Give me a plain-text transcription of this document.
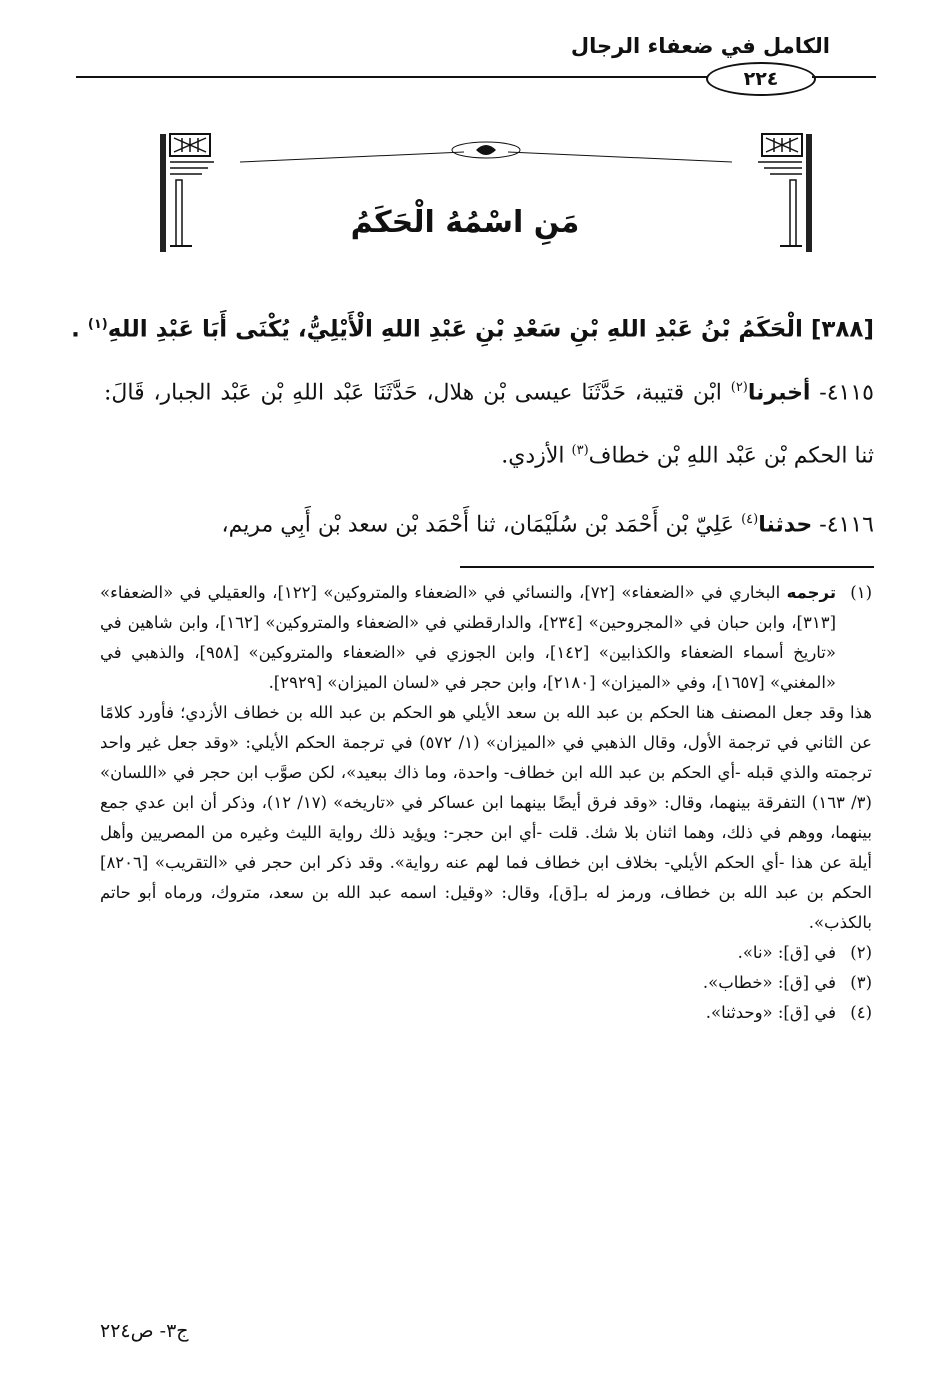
الكامل في ضعفاء الرجال
٢٢٤
مَنِ اسْمُهُ الْحَكَمُ
[٣٨٨] الْحَكَمُ بْنُ عَبْدِ اللهِ بْنِ سَعْدِ بْنِ عَبْدِ اللهِ الْأَيْلِيُّ، يُكْنَى أَبَا عَبْدِ اللهِ$^{(١)}$ .
٤١١٥- أخبرنا$^{(٢)}$ ابْن قتيبة، حَدَّثَنَا عيسى بْن هلال، حَدَّثَنَا عَبْد اللهِ بْن عَبْد الجبار، قَالَ: ثنا الحكم بْن عَبْد اللهِ بْن خطاف$^{(٣)}$ الأزدي.
٤١١٦- حدثنا$^{(٤)}$ عَلِيّ بْن أَحْمَد بْن سُلَيْمَان، ثنا أَحْمَد بْن سعد بْن أَبِي مريم،
(١)
ترجمه البخاري في «الضعفاء» [٧٢]، والنسائي في «الضعفاء والمتروكين» [١٢٢]، والعقيلي في «الضعفاء» [٣١٣]، وابن حبان في «المجروحين» [٢٣٤]، والدارقطني في «الضعفاء والمتروكين» [١٦٢]، وابن شاهين في «تاريخ أسماء الضعفاء والكذابين» [١٤٢]، وابن الجوزي في «الضعفاء والمتروكين» [٩٥٨]، والذهبي في «المغني» [١٦٥٧]، وفي «الميزان» [٢١٨٠]، وابن حجر في «لسان الميزان» [٢٩٢٩].
هذا وقد جعل المصنف هنا الحكم بن عبد الله بن سعد الأيلي هو الحكم بن عبد الله بن خطاف الأزدي؛ فأورد كلامًا عن الثاني في ترجمة الأول، وقال الذهبي في «الميزان» (١/ ٥٧٢) في ترجمة الحكم الأيلي: «وقد جعل غير واحد ترجمته والذي قبله -أي الحكم بن عبد الله ابن خطاف- واحدة، وما ذاك ببعيد»، لكن صوَّب ابن حجر في «اللسان» (٣/ ١٦٣) التفرقة بينهما، وقال: «وقد فرق أيضًا بينهما ابن عساكر في «تاريخه» (١٧/ ١٢)، وذكر أن ابن عدي جمع بينهما، ووهم في ذلك، وهما اثنان بلا شك. قلت -أي ابن حجر-: ويؤيد ذلك رواية الليث وغيره من المصريين وأهل أيلة عن هذا -أي الحكم الأيلي- بخلاف ابن خطاف فما لهم عنه رواية». وقد ذكر ابن حجر في «التقريب» [٨٢٠٦] الحكم بن عبد الله بن خطاف، ورمز له بـ[ق]، وقال: «وقيل: اسمه عبد الله بن سعد، متروك، ورماه أبو حاتم بالكذب».
(٢)
في [ق]: «نا».
(٣)
في [ق]: «خطاب».
(٤)
في [ق]: «وحدثنا».
ج٣- ص٢٢٤
